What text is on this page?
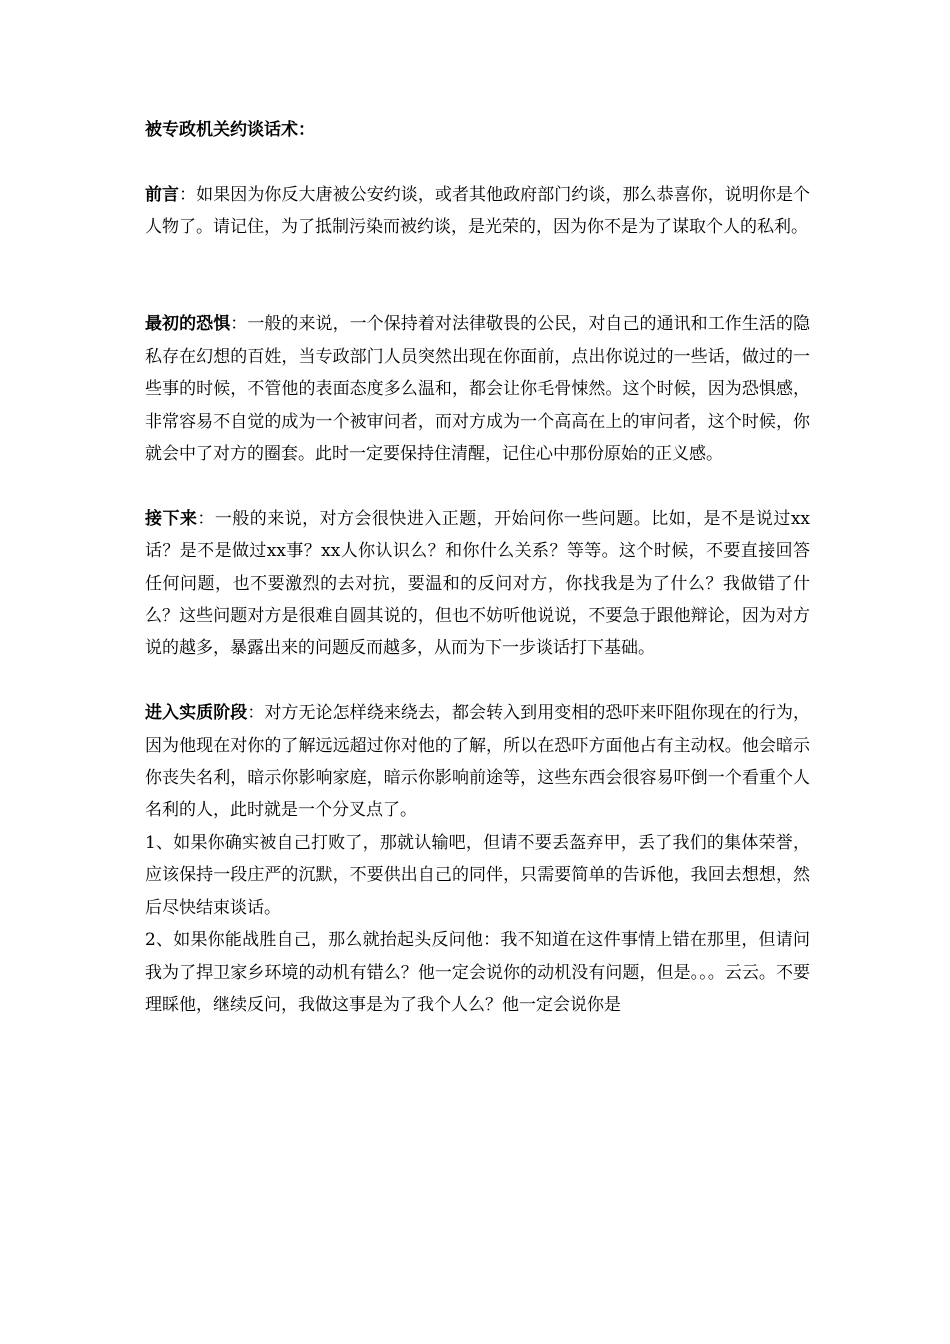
被专政机关约谈话术：

前言：如果因为你反大唐被公安约谈，或者其他政府部门约谈，那么恭喜你，说明你是个人物了。请记住，为了抵制污染而被约谈，是光荣的，因为你不是为了谋取个人的私利。

最初的恐惧：一般的来说，一个保持着对法律敬畏的公民，对自己的通讯和工作生活的隐私存在幻想的百姓，当专政部门人员突然出现在你面前，点出你说过的一些话，做过的一些事的时候，不管他的表面态度多么温和，都会让你毛骨悚然。这个时候，因为恐惧感，非常容易不自觉的成为一个被审问者，而对方成为一个高高在上的审问者，这个时候，你就会中了对方的圈套。此时一定要保持住清醒，记住心中那份原始的正义感。

接下来：一般的来说，对方会很快进入正题，开始问你一些问题。比如，是不是说过xx话？是不是做过xx事？xx人你认识么？和你什么关系？等等。这个时候，不要直接回答任何问题，也不要激烈的去对抗，要温和的反问对方，你找我是为了什么？我做错了什么？这些问题对方是很难自圆其说的，但也不妨听他说说，不要急于跟他辩论，因为对方说的越多，暴露出来的问题反而越多，从而为下一步谈话打下基础。

进入实质阶段：对方无论怎样绕来绕去，都会转入到用变相的恐吓来吓阻你现在的行为，因为他现在对你的了解远远超过你对他的了解，所以在恐吓方面他占有主动权。他会暗示你丧失名利，暗示你影响家庭，暗示你影响前途等，这些东西会很容易吓倒一个看重个人名利的人，此时就是一个分叉点了。

1、如果你确实被自己打败了，那就认输吧，但请不要丢盔弃甲，丢了我们的集体荣誉，应该保持一段庄严的沉默，不要供出自己的同伴，只需要简单的告诉他，我回去想想，然后尽快结束谈话。

2、如果你能战胜自己，那么就抬起头反问他：我不知道在这件事情上错在那里，但请问我为了捍卫家乡环境的动机有错么？他一定会说你的动机没有问题，但是。。。云云。不要理睬他，继续反问，我做这事是为了我个人么？他一定会说你是
